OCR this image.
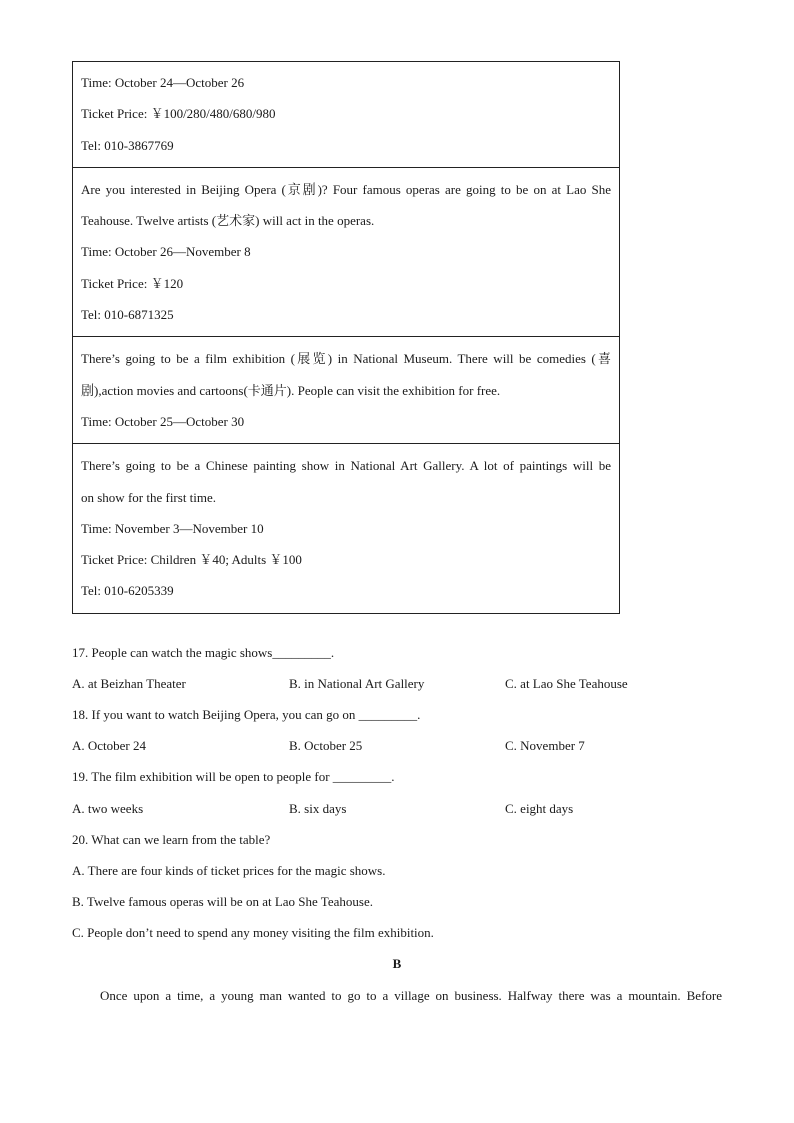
Time: October 24—October 26
Ticket Price: ￥100/280/480/680/980
Tel: 010-3867769
Are you interested in Beijing Opera (京剧)? Four famous operas are going to be on at Lao She
Teahouse. Twelve artists (艺术家) will act in the operas.
Time: October 26—November 8
Ticket Price: ￥120
Tel: 010-6871325
There’s going to be a film exhibition (展览) in National Museum. There will be comedies (喜
剧),action movies and cartoons(卡通片). People can visit the exhibition for free.
Time: October 25—October 30
There’s going to be a Chinese painting show in National Art Gallery. A lot of paintings will be
on show for the first time.
Time: November 3—November 10
Ticket Price: Children ￥40; Adults ￥100
Tel: 010-6205339
17. People can watch the magic shows_________.
A. at Beizhan Theater	B. in National Art Gallery	C. at Lao She Teahouse
18. If you want to watch Beijing Opera, you can go on _________.
A. October 24	B. October 25	C. November 7
19. The film exhibition will be open to people for _________.
A. two weeks	B. six days	C. eight days
20. What can we learn from the table?
A. There are four kinds of ticket prices for the magic shows.
B. Twelve famous operas will be on at Lao She Teahouse.
C. People don’t need to spend any money visiting the film exhibition.
B
Once upon a time, a young man wanted to go to a village on business. Halfway there was a mountain. Before
